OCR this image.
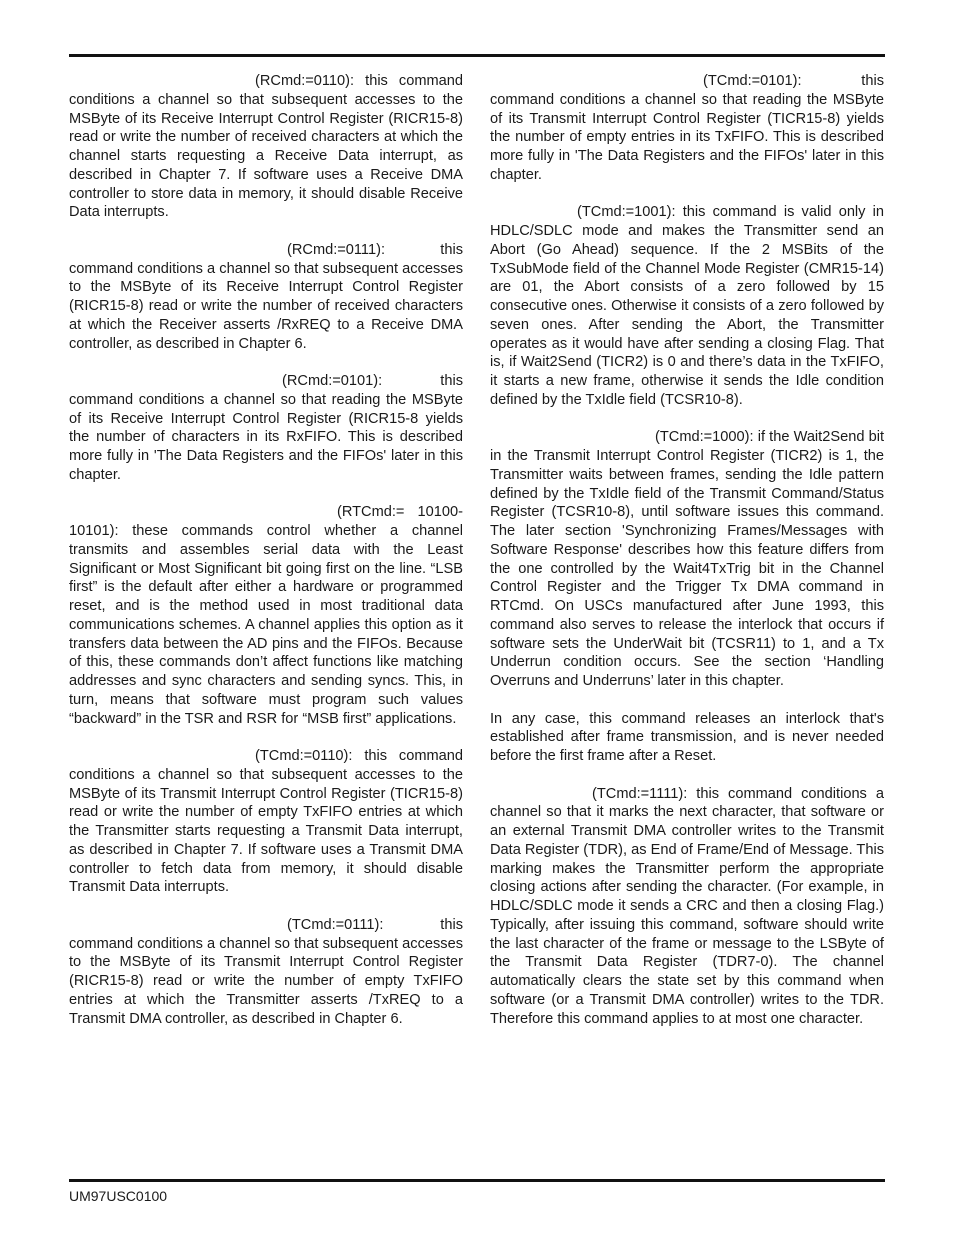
(RCmd:=0110): this command conditions a channel so that subsequent accesses to the MSByte of its Receive Interrupt Control Register (RICR15-8) read or write the number of received characters at which the channel starts requesting a Receive Data interrupt, as described in Chapter 7. If software uses a Receive DMA controller to store data in memory, it should disable Receive Data interrupts.

(RCmd:=0111): this command conditions a channel so that subsequent accesses to the MSByte of its Receive Interrupt Control Register (RICR15-8) read or write the number of received characters at which the Receiver asserts /RxREQ to a Receive DMA controller, as described in Chapter 6.

(RCmd:=0101): this command conditions a channel so that reading the MSByte of its Receive Interrupt Control Register (RICR15-8 yields the number of characters in its RxFIFO. This is described more fully in 'The Data Registers and the FIFOs' later in this chapter.

(RTCmd:= 10100-10101): these commands control whether a channel transmits and assembles serial data with the Least Significant or Most Significant bit going first on the line. “LSB first” is the default after either a hardware or programmed reset, and is the method used in most traditional data communications schemes. A channel applies this option as it transfers data between the AD pins and the FIFOs. Because of this, these commands don’t affect functions like matching addresses and sync characters and sending syncs. This, in turn, means that software must program such values “backward” in the TSR and RSR for “MSB first” applications.

(TCmd:=0110): this command conditions a channel so that subsequent accesses to the MSByte of its Transmit Interrupt Control Register (TICR15-8) read or write the number of empty TxFIFO entries at which the Transmitter starts requesting a Transmit Data interrupt, as described in Chapter 7. If software uses a Transmit DMA controller to fetch data from memory, it should disable Transmit Data interrupts.

(TCmd:=0111): this command conditions a channel so that subsequent accesses to the MSByte of its Transmit Interrupt Control Register (RICR15-8) read or write the number of empty TxFIFO entries at which the Transmitter asserts /TxREQ to a Transmit DMA controller, as described in Chapter 6.

(TCmd:=0101): this command conditions a channel so that reading the MSByte of its Transmit Interrupt Control Register (TICR15-8) yields the number of empty entries in its TxFIFO. This is described more fully in 'The Data Registers and the FIFOs' later in this chapter.

(TCmd:=1001): this command is valid only in HDLC/SDLC mode and makes the Transmitter send an Abort (Go Ahead) sequence. If the 2 MSBits of the TxSubMode field of the Channel Mode Register (CMR15-14) are 01, the Abort consists of a zero followed by 15 consecutive ones. Otherwise it consists of a zero followed by seven ones. After sending the Abort, the Transmitter operates as it would have after sending a closing Flag. That is, if Wait2Send (TICR2) is 0 and there’s data in the TxFIFO, it starts a new frame, otherwise it sends the Idle condition defined by the TxIdle field (TCSR10-8).

(TCmd:=1000): if the Wait2Send bit in the Transmit Interrupt Control Register (TICR2) is 1, the Transmitter waits between frames, sending the Idle pattern defined by the TxIdle field of the Transmit Command/Status Register (TCSR10-8), until software issues this command. The later section 'Synchronizing Frames/Messages with Software Response' describes how this feature differs from the one controlled by the Wait4TxTrig bit in the Channel Control Register and the Trigger Tx DMA command in RTCmd. On USCs manufactured after June 1993, this command also serves to release the interlock that occurs if software sets the UnderWait bit (TCSR11) to 1, and a Tx Underrun condition occurs. See the section ‘Handling Overruns and Underruns’ later in this chapter.

In any case, this command releases an interlock that's established after frame transmission, and is never needed before the first frame after a Reset.

(TCmd:=1111): this command conditions a channel so that it marks the next character, that software or an external Transmit DMA controller writes to the Transmit Data Register (TDR), as End of Frame/End of Message. This marking makes the Transmitter perform the appropriate closing actions after sending the character. (For example, in HDLC/SDLC mode it sends a CRC and then a closing Flag.) Typically, after issuing this command, software should write the last character of the frame or message to the LSByte of the Transmit Data Register (TDR7-0). The channel automatically clears the state set by this command when software (or a Transmit DMA controller) writes to the TDR. Therefore this command applies to at most one character.

UM97USC0100
